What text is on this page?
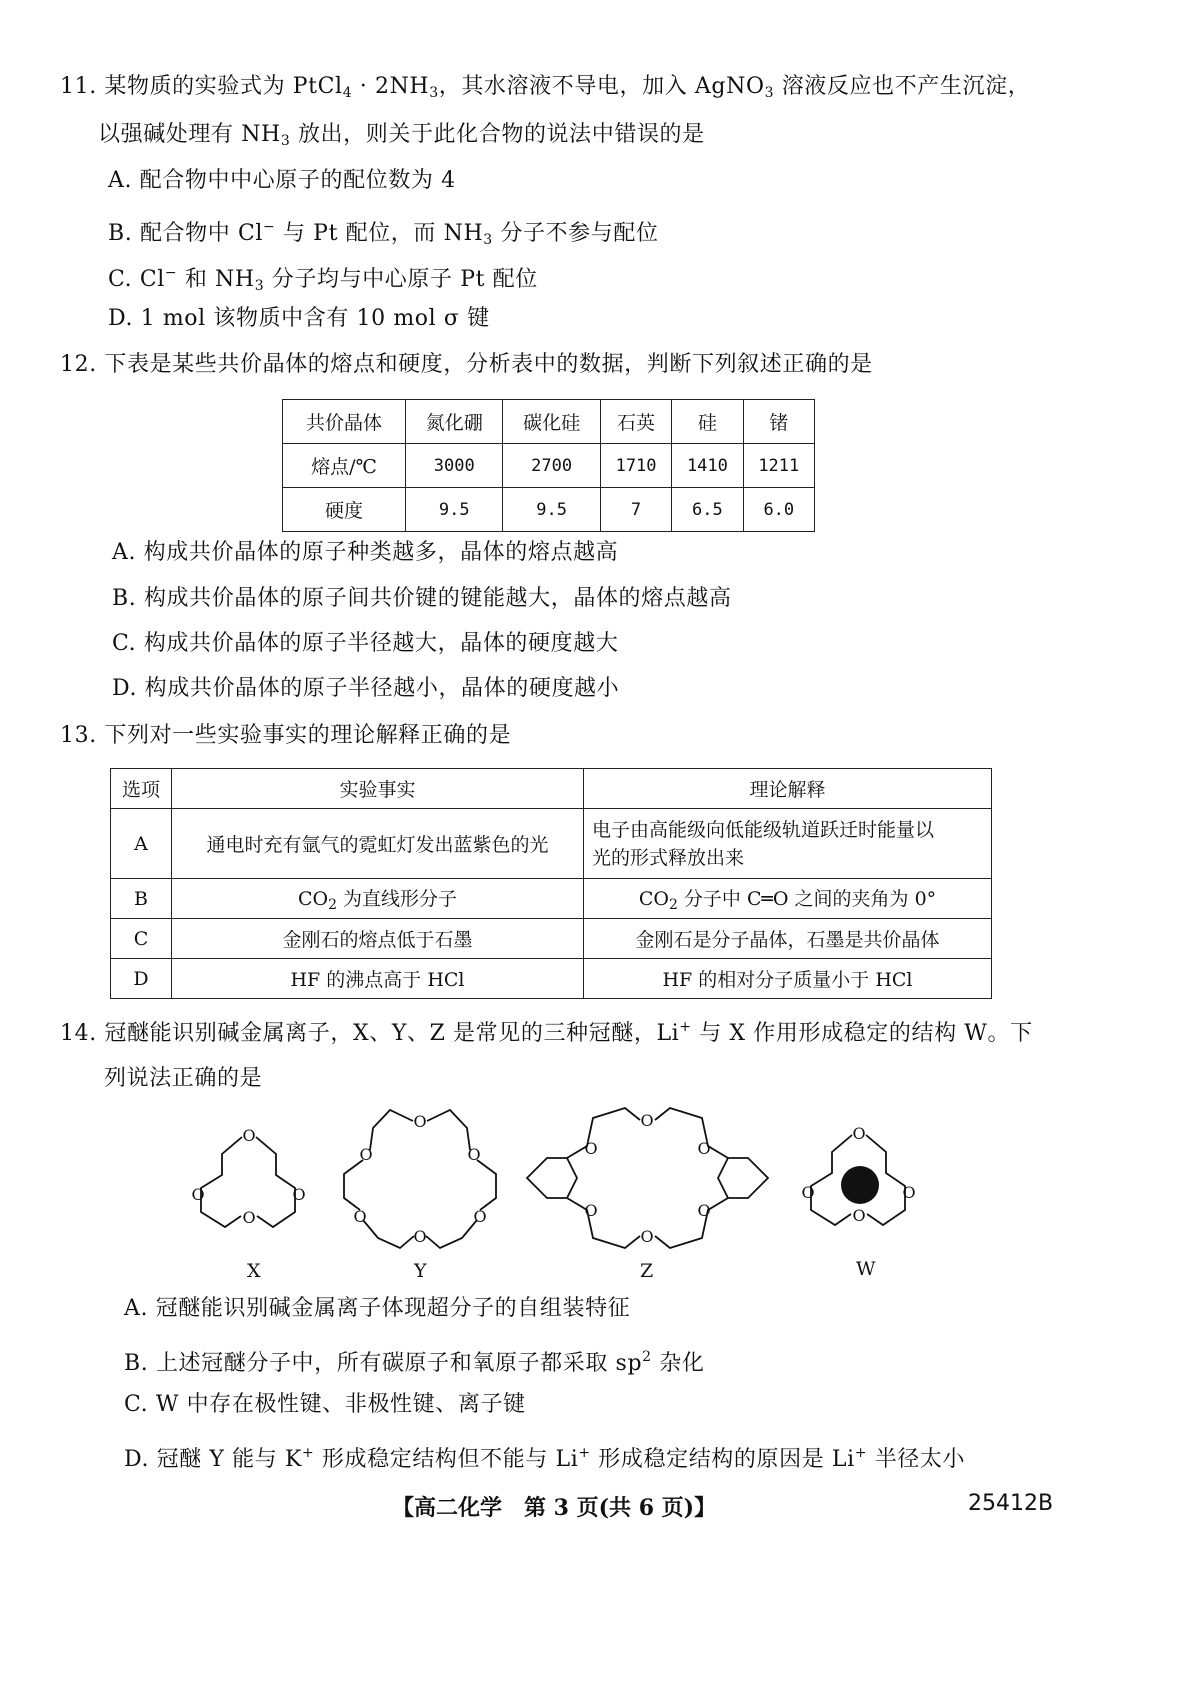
11. 某物质的实验式为 PtCl$_4$ · $2NH_3$，其水溶液不导电，加入 AgNO$_3$ 溶液反应也不产生沉淀，
以强碱处理有 $NH_3$ 放出，则关于此化合物的说法中错误的是
A. 配合物中中心原子的配位数为 4
B. 配合物中 Cl− 与 Pt 配位，而 $NH_3$ 分子不参与配位
C. Cl− 和 $NH_3$ 分子均与中心原子 Pt 配位
D. 1 mol 该物质中含有 10 mol σ 键
12. 下表是某些共价晶体的熔点和硬度，分析表中的数据，判断下列叙述正确的是
共价晶体	氮化硼	碳化硅	石英	硅	锗
熔点/℃	3000	2700	1710	1410	1211
硬度	9.5	9.5	7	6.5	6.0
A. 构成共价晶体的原子种类越多，晶体的熔点越高
B. 构成共价晶体的原子间共价键的键能越大，晶体的熔点越高
C. 构成共价晶体的原子半径越大，晶体的硬度越大
D. 构成共价晶体的原子半径越小，晶体的硬度越小
13. 下列对一些实验事实的理论解释正确的是
选项	实验事实	理论解释
A	通电时充有氩气的霓虹灯发出蓝紫色的光	电子由高能级向低能级轨道跃迁时能量以
光的形式释放出来
B	$CO_2$ 为直线形分子	$CO_2$ 分子中 C═O 之间的夹角为 0°
C	金刚石的熔点低于石墨	金刚石是分子晶体，石墨是共价晶体
D	HF 的沸点高于 HCl	HF 的相对分子质量小于 HCl
14. 冠醚能识别碱金属离子，X、Y、Z 是常见的三种冠醚，Li+ 与 X 作用形成稳定的结构 W。下
列说法正确的是
O
O	O
O
X
O
O	O
O	O
O
Y
O
O	O
O	O
O
Z
O
O	O
O
W
A. 冠醚能识别碱金属离子体现超分子的自组装特征
B. 上述冠醚分子中，所有碳原子和氧原子都采取 $sp^2$ 杂化
C. W 中存在极性键、非极性键、离子键
D. 冠醚 Y 能与 K+ 形成稳定结构但不能与 Li+ 形成稳定结构的原因是 Li+ 半径太小
【高二化学　第 3 页(共 6 页)】	25412B
